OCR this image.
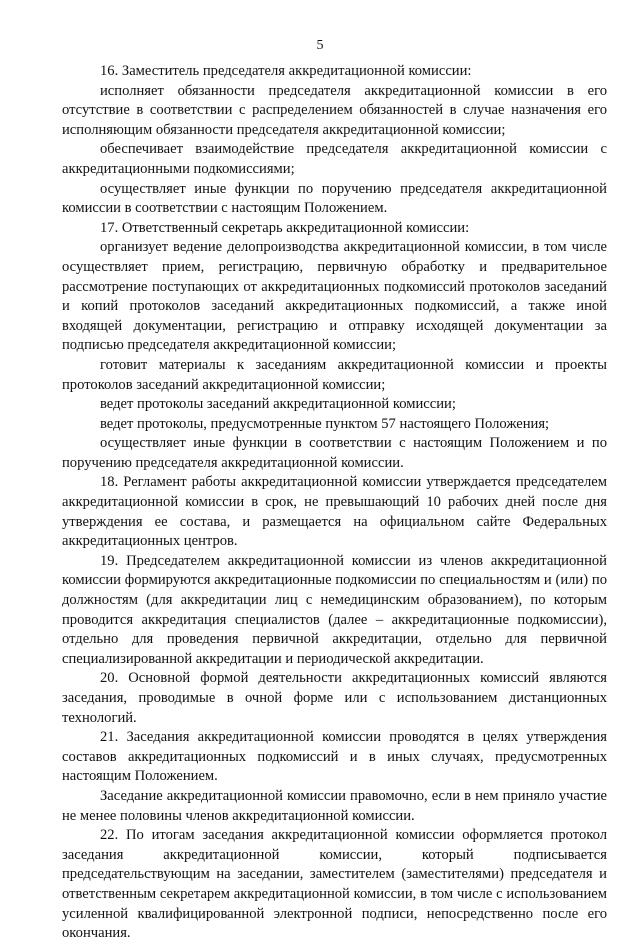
5

16. Заместитель председателя аккредитационной комиссии:

исполняет обязанности председателя аккредитационной комиссии в его отсутствие в соответствии с распределением обязанностей в случае назначения его исполняющим обязанности председателя аккредитационной комиссии;

обеспечивает взаимодействие председателя аккредитационной комиссии с аккредитационными подкомиссиями;

осуществляет иные функции по поручению председателя аккредитационной комиссии в соответствии с настоящим Положением.

17. Ответственный секретарь аккредитационной комиссии:

организует ведение делопроизводства аккредитационной комиссии, в том числе осуществляет прием, регистрацию, первичную обработку и предварительное рассмотрение поступающих от аккредитационных подкомиссий протоколов заседаний и копий протоколов заседаний аккредитационных подкомиссий, а также иной входящей документации, регистрацию и отправку исходящей документации за подписью председателя аккредитационной комиссии;

готовит материалы к заседаниям аккредитационной комиссии и проекты протоколов заседаний аккредитационной комиссии;

ведет протоколы заседаний аккредитационной комиссии;

ведет протоколы, предусмотренные пунктом 57 настоящего Положения;

осуществляет иные функции в соответствии с настоящим Положением и по поручению председателя аккредитационной комиссии.

18. Регламент работы аккредитационной комиссии утверждается председателем аккредитационной комиссии в срок, не превышающий 10 рабочих дней после дня утверждения ее состава, и размещается на официальном сайте Федеральных аккредитационных центров.

19. Председателем аккредитационной комиссии из членов аккредитационной комиссии формируются аккредитационные подкомиссии по специальностям и (или) по должностям (для аккредитации лиц с немедицинским образованием), по которым проводится аккредитация специалистов (далее – аккредитационные подкомиссии), отдельно для проведения первичной аккредитации, отдельно для первичной специализированной аккредитации и периодической аккредитации.

20. Основной формой деятельности аккредитационных комиссий являются заседания, проводимые в очной форме или с использованием дистанционных технологий.

21. Заседания аккредитационной комиссии проводятся в целях утверждения составов аккредитационных подкомиссий и в иных случаях, предусмотренных настоящим Положением.

Заседание аккредитационной комиссии правомочно, если в нем приняло участие не менее половины членов аккредитационной комиссии.

22. По итогам заседания аккредитационной комиссии оформляется протокол заседания аккредитационной комиссии, который подписывается председательствующим на заседании, заместителем (заместителями) председателя и ответственным секретарем аккредитационной комиссии, в том числе с использованием усиленной квалифицированной электронной подписи, непосредственно после его окончания.
